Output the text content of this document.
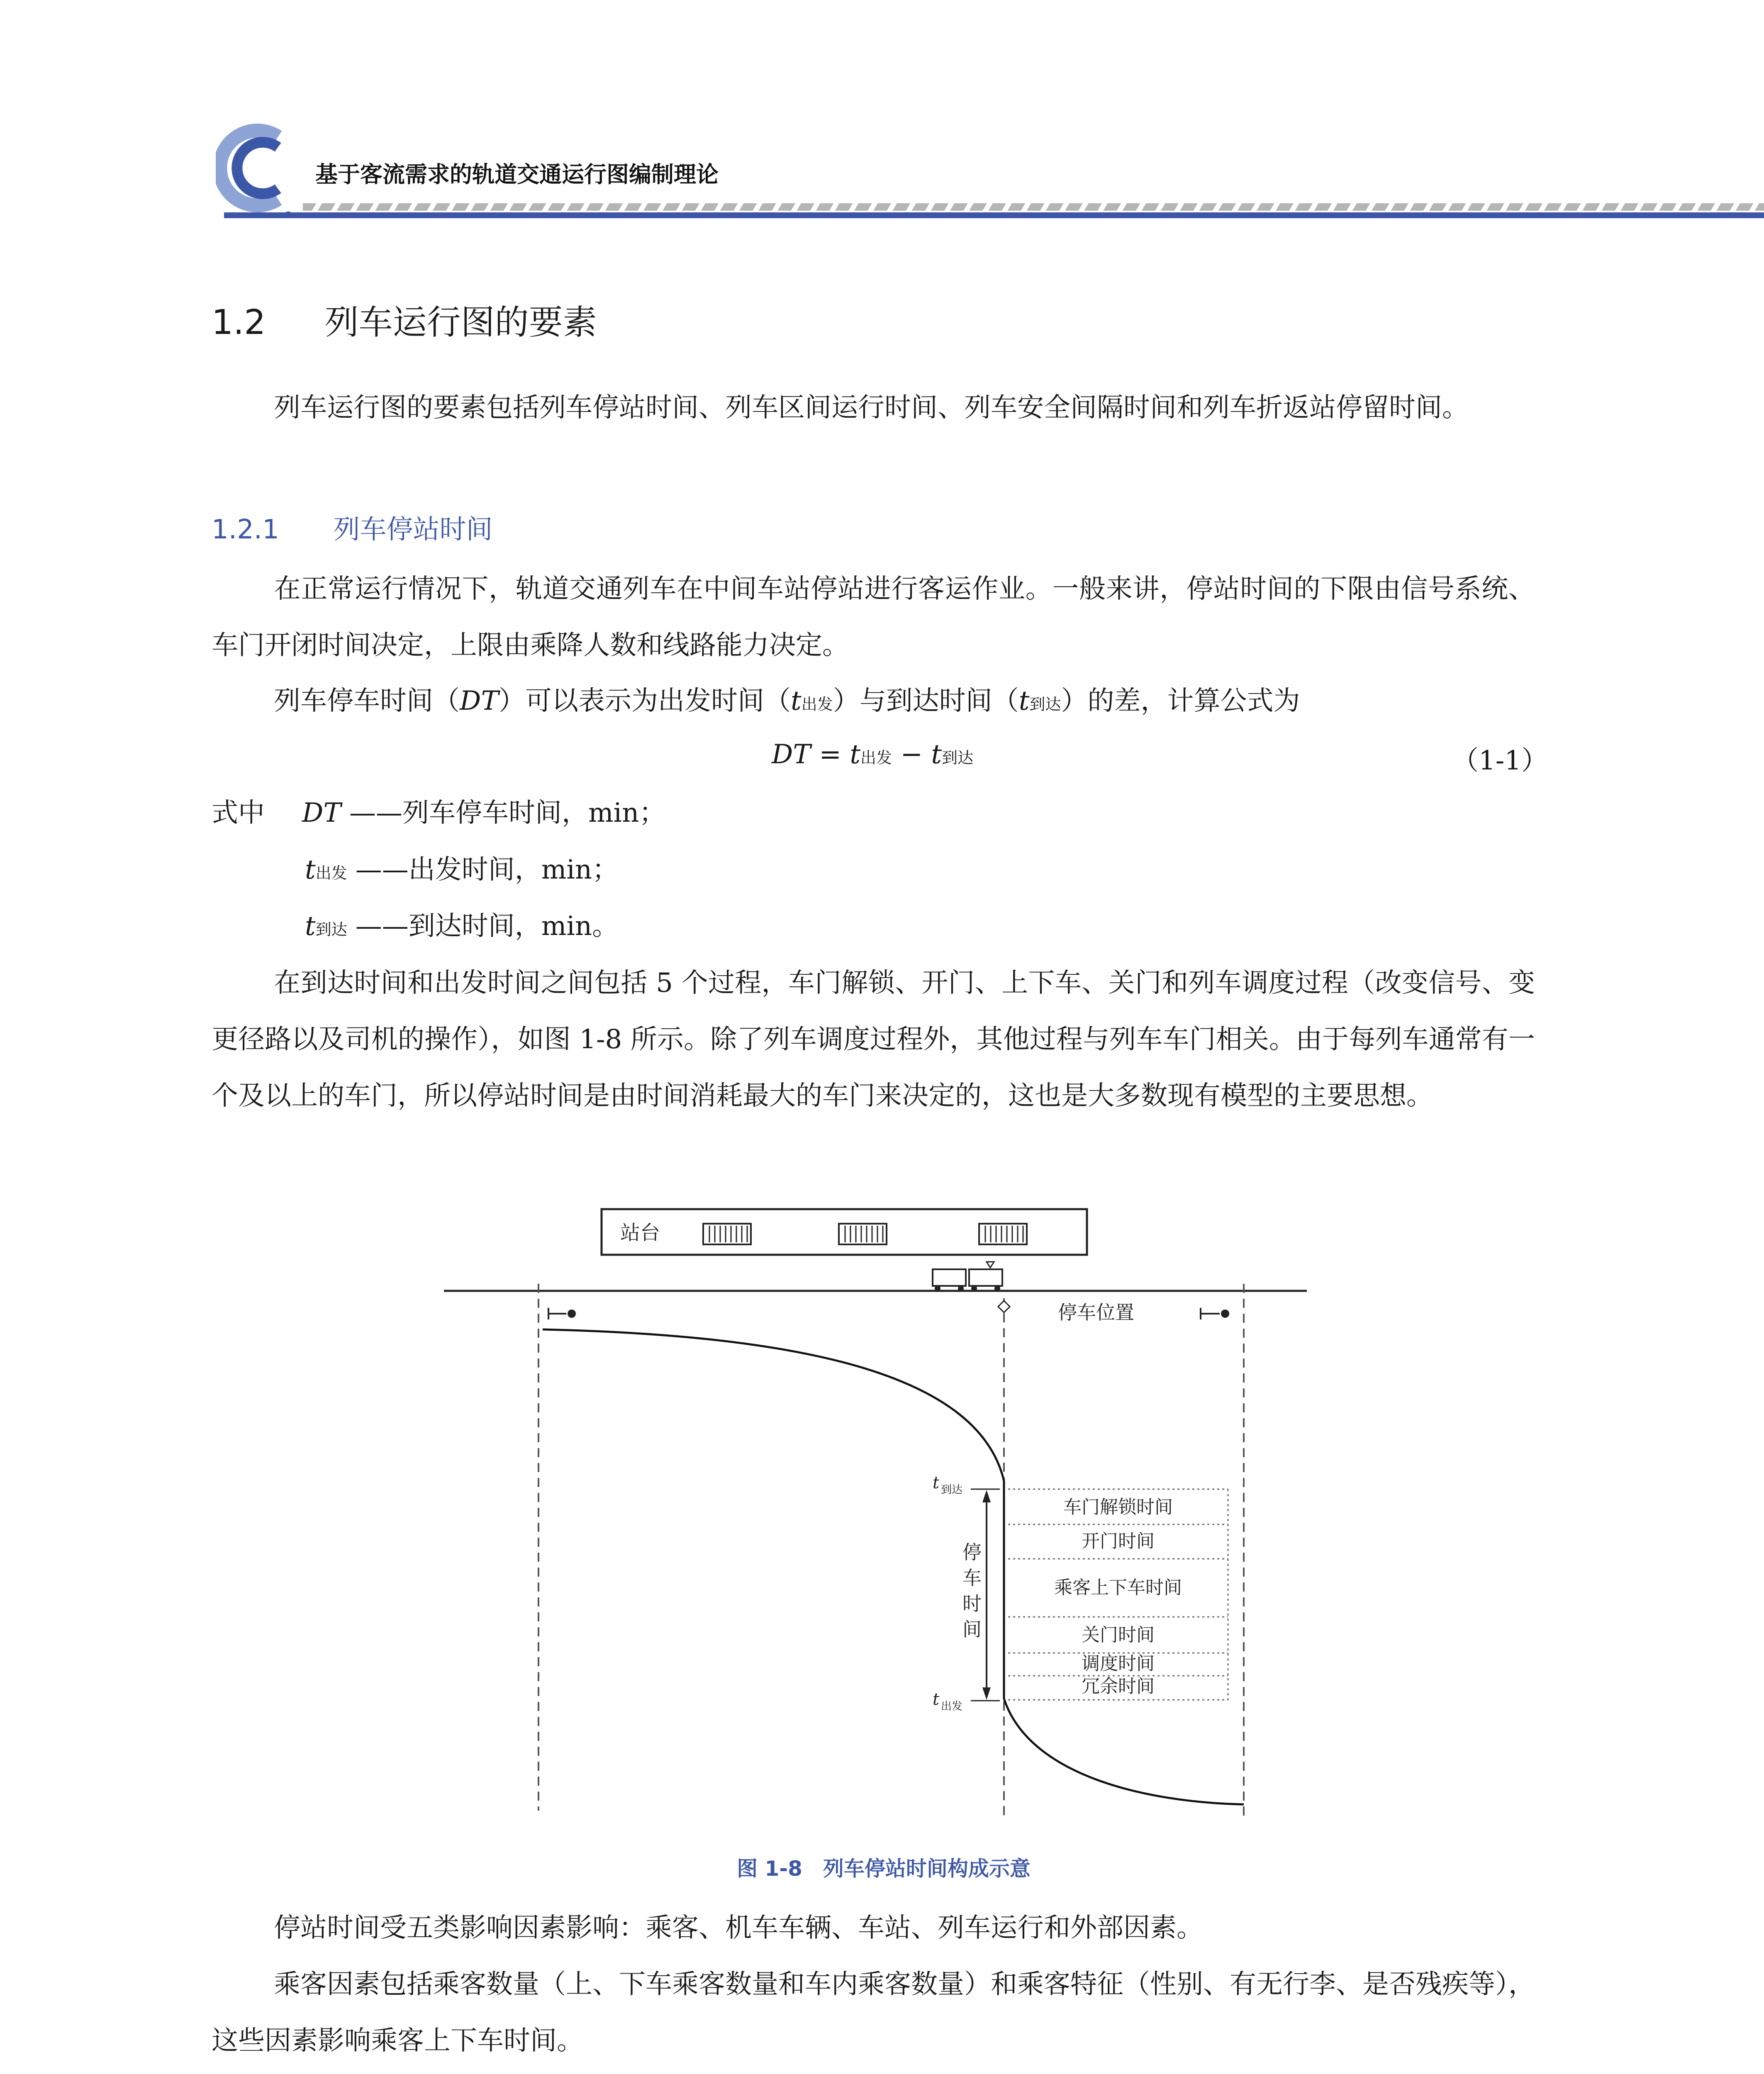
基于客流需求的轨道交通运行图编制理论
1.2 列车运行图的要素
列车运行图的要素包括列车停站时间、列车区间运行时间、列车安全间隔时间和列车折返站停留时间。
1.2.1 列车停站时间
在正常运行情况下，轨道交通列车在中间车站停站进行客运作业。一般来讲，停站时间的下限由信号系统、车门开闭时间决定，上限由乘降人数和线路能力决定。
列车停车时间（DT）可以表示为出发时间（t出发）与到达时间（t到达）的差，计算公式为
DT = t出发 − t到达	（1-1）
式中 DT ——列车停车时间，min；
t出发 ——出发时间，min；
t到达 ——到达时间，min。
在到达时间和出发时间之间包括 5 个过程，车门解锁、开门、上下车、关门和列车调度过程（改变信号、变更径路以及司机的操作），如图 1-8 所示。除了列车调度过程外，其他过程与列车车门相关。由于每列车通常有一个及以上的车门，所以停站时间是由时间消耗最大的车门来决定的，这也是大多数现有模型的主要思想。
站台
停车位置
t 到达
t 出发
停
车
时
间
车门解锁时间
开门时间
乘客上下车时间
关门时间
调度时间
冗余时间
图 1-8　列车停站时间构成示意
停站时间受五类影响因素影响：乘客、机车车辆、车站、列车运行和外部因素。
乘客因素包括乘客数量（上、下车乘客数量和车内乘客数量）和乘客特征（性别、有无行李、是否残疾等），这些因素影响乘客上下车时间。
